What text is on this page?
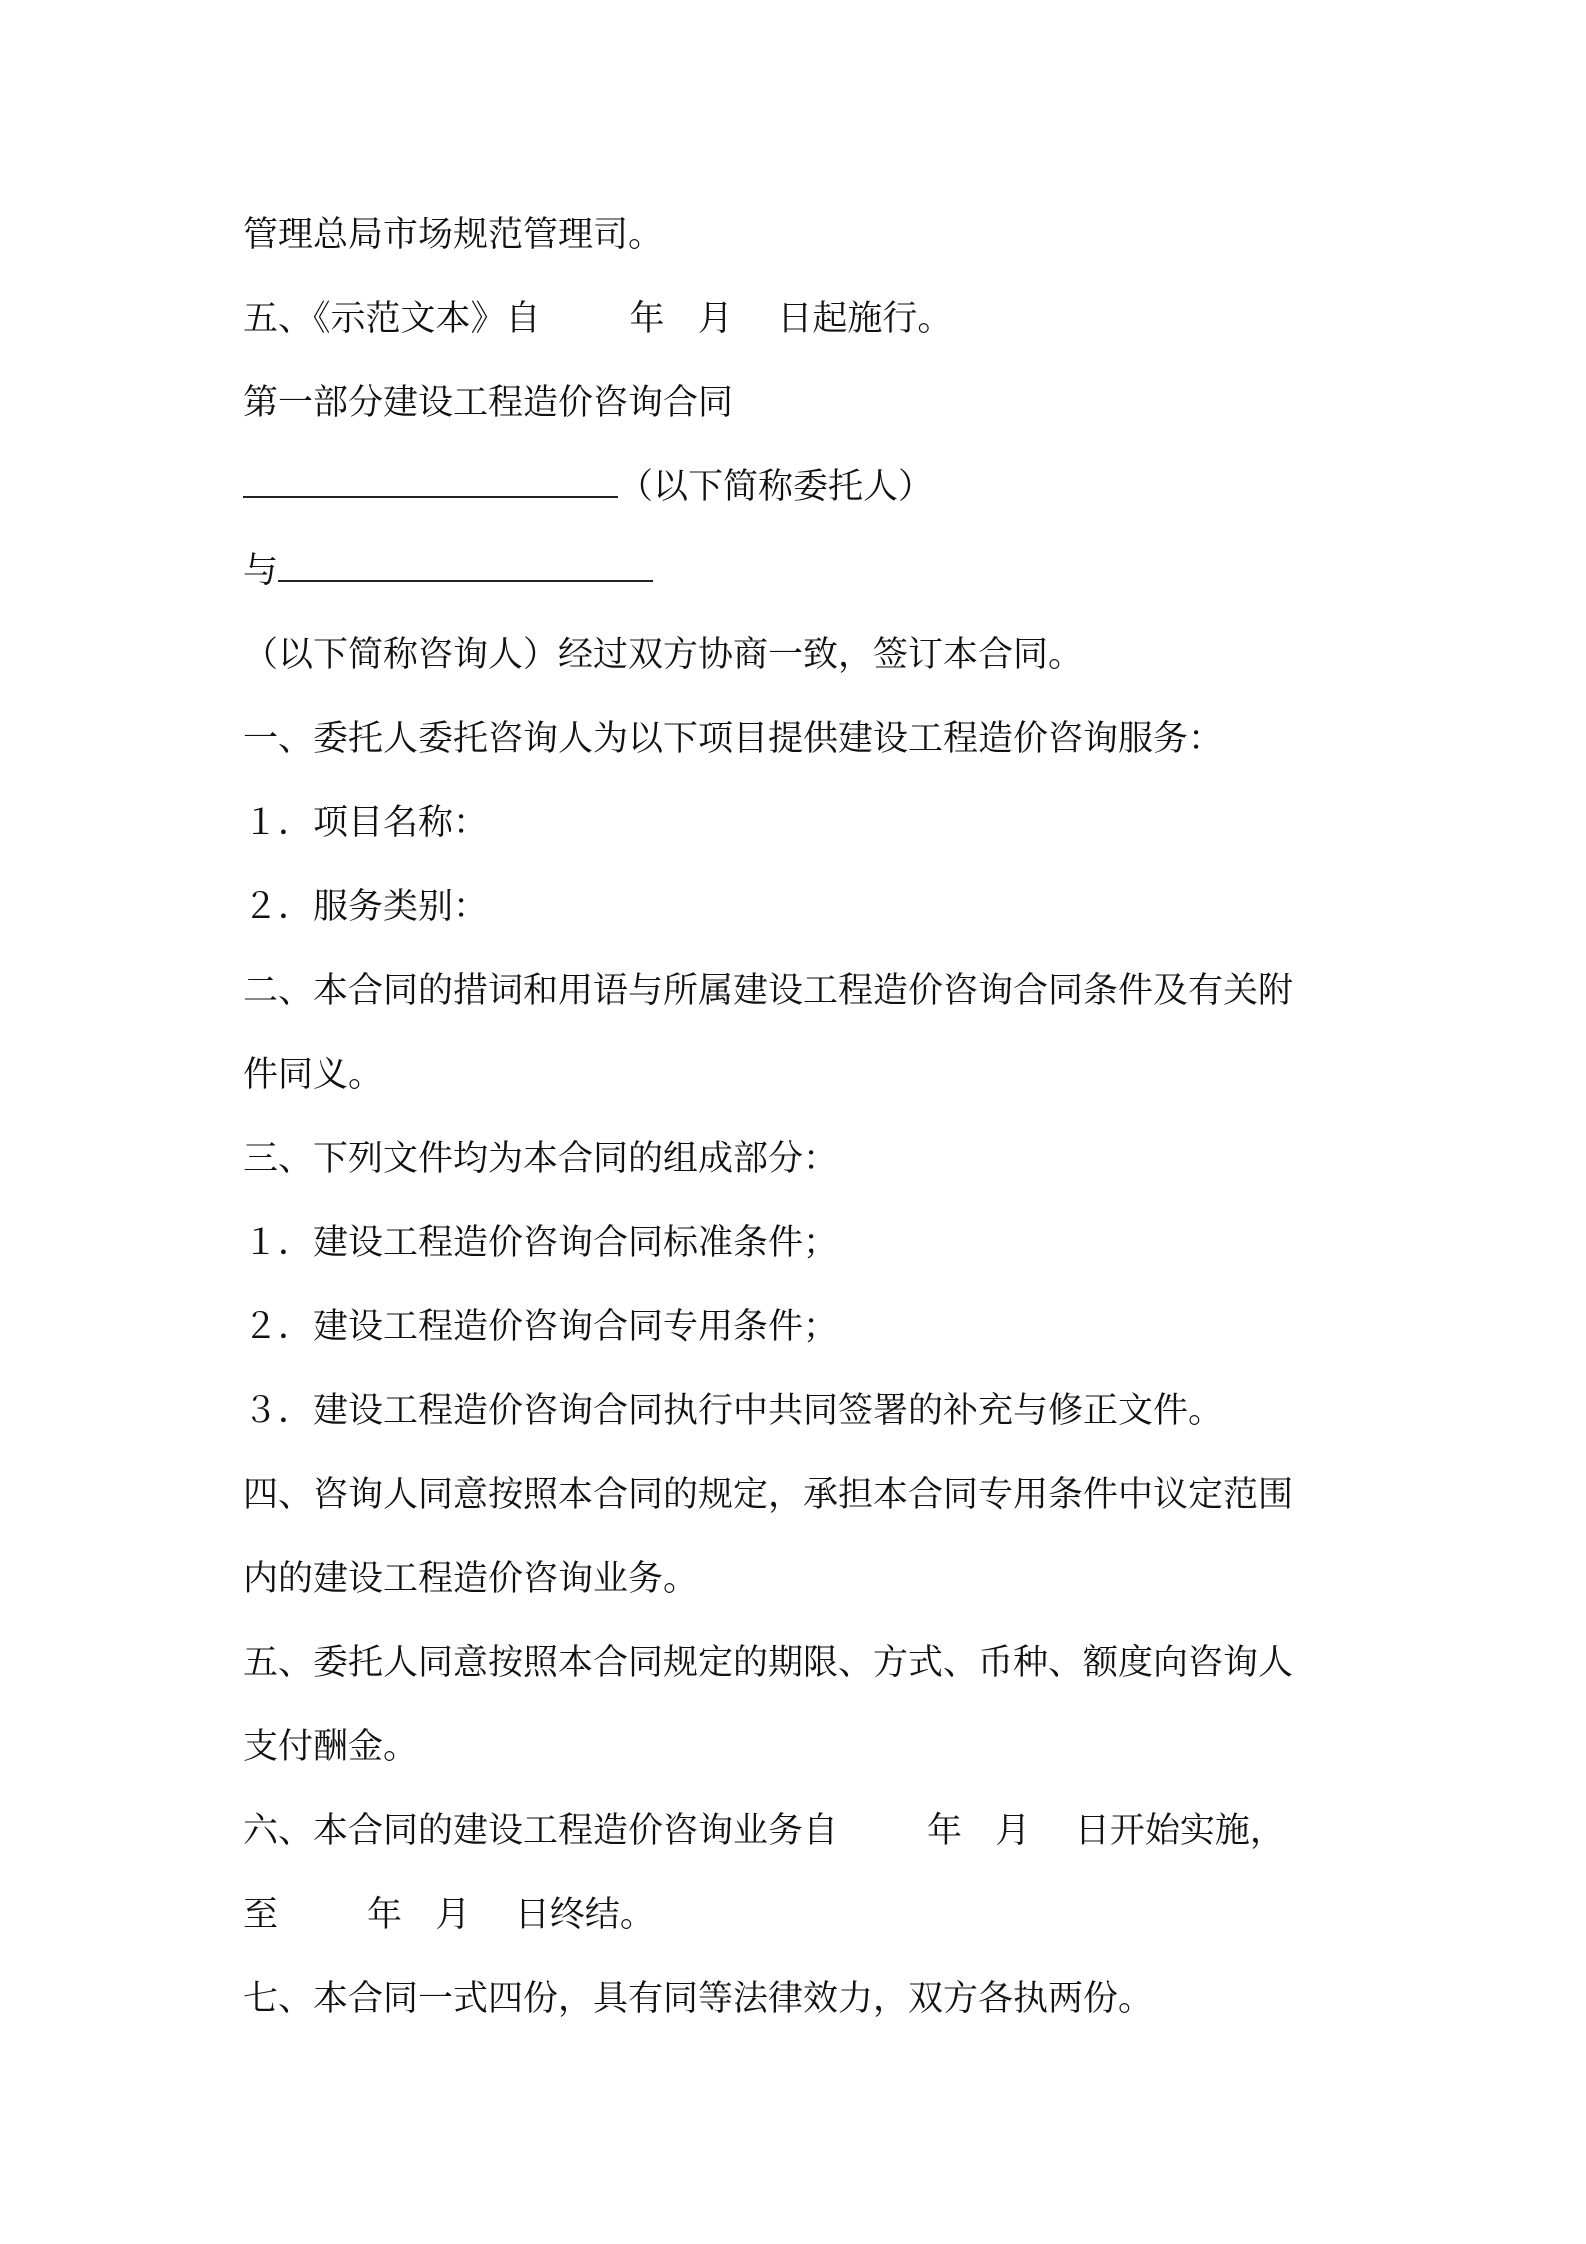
管理总局市场规范管理司。
五、《示范文本》自        年   月    日起施行。
第一部分建设工程造价咨询合同
（以下简称委托人）
与
（以下简称咨询人）经过双方协商一致，签订本合同。
一、委托人委托咨询人为以下项目提供建设工程造价咨询服务：
１．项目名称：
２．服务类别：
二、本合同的措词和用语与所属建设工程造价咨询合同条件及有关附
件同义。
三、下列文件均为本合同的组成部分：
１．建设工程造价咨询合同标准条件；
２．建设工程造价咨询合同专用条件；
３．建设工程造价咨询合同执行中共同签署的补充与修正文件。
四、咨询人同意按照本合同的规定，承担本合同专用条件中议定范围
内的建设工程造价咨询业务。
五、委托人同意按照本合同规定的期限、方式、币种、额度向咨询人
支付酬金。
六、本合同的建设工程造价咨询业务自        年   月    日开始实施，
至        年   月    日终结。
七、本合同一式四份，具有同等法律效力，双方各执两份。
